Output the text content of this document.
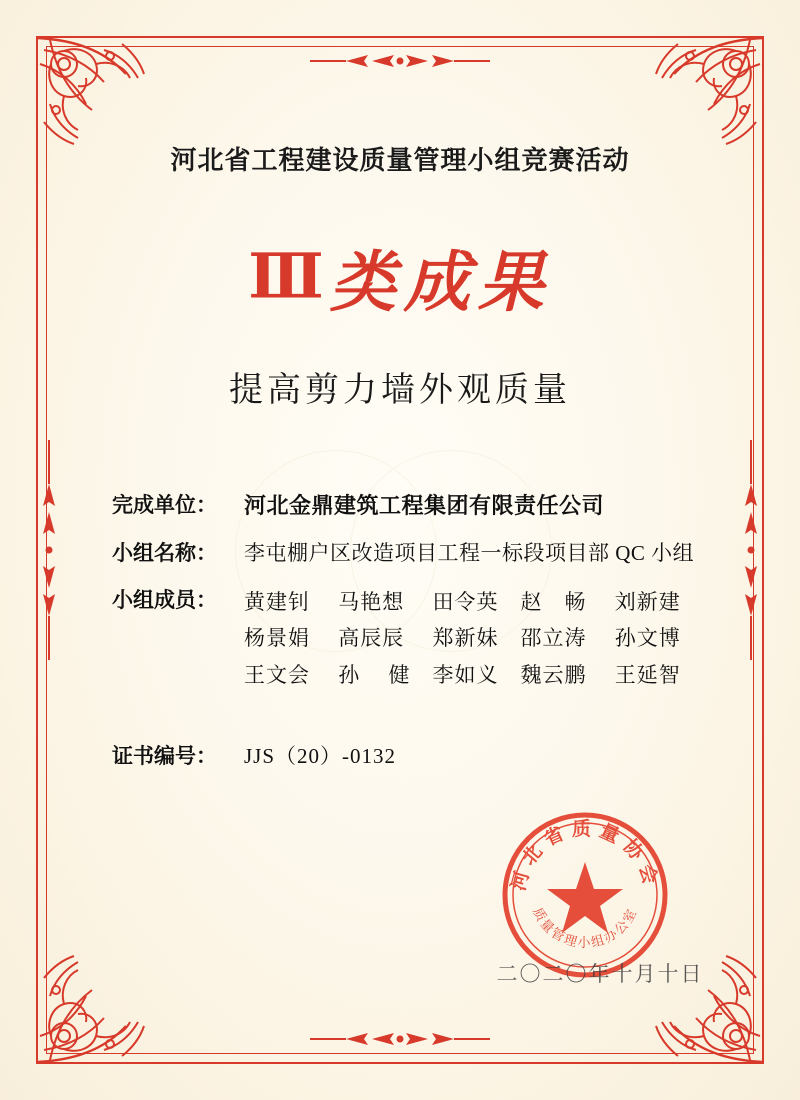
河北省工程建设质量管理小组竞赛活动
Ⅲ 类成果
提高剪力墙外观质量
完成单位：	河北金鼎建筑工程集团有限责任公司
小组名称：	李屯棚户区改造项目工程一标段项目部 QC 小组
小组成员：	黄建钊　 马艳想　 田令英　赵　畅　 刘新建
杨景娟　 高辰辰　 郑新妹　邵立涛　 孙文博
王文会　 孙　 健　李如义　魏云鹏　 王延智
证书编号：	JJS（20）-0132
河北省质量协会
质量管理小组办公室
二〇二〇年十月十日
